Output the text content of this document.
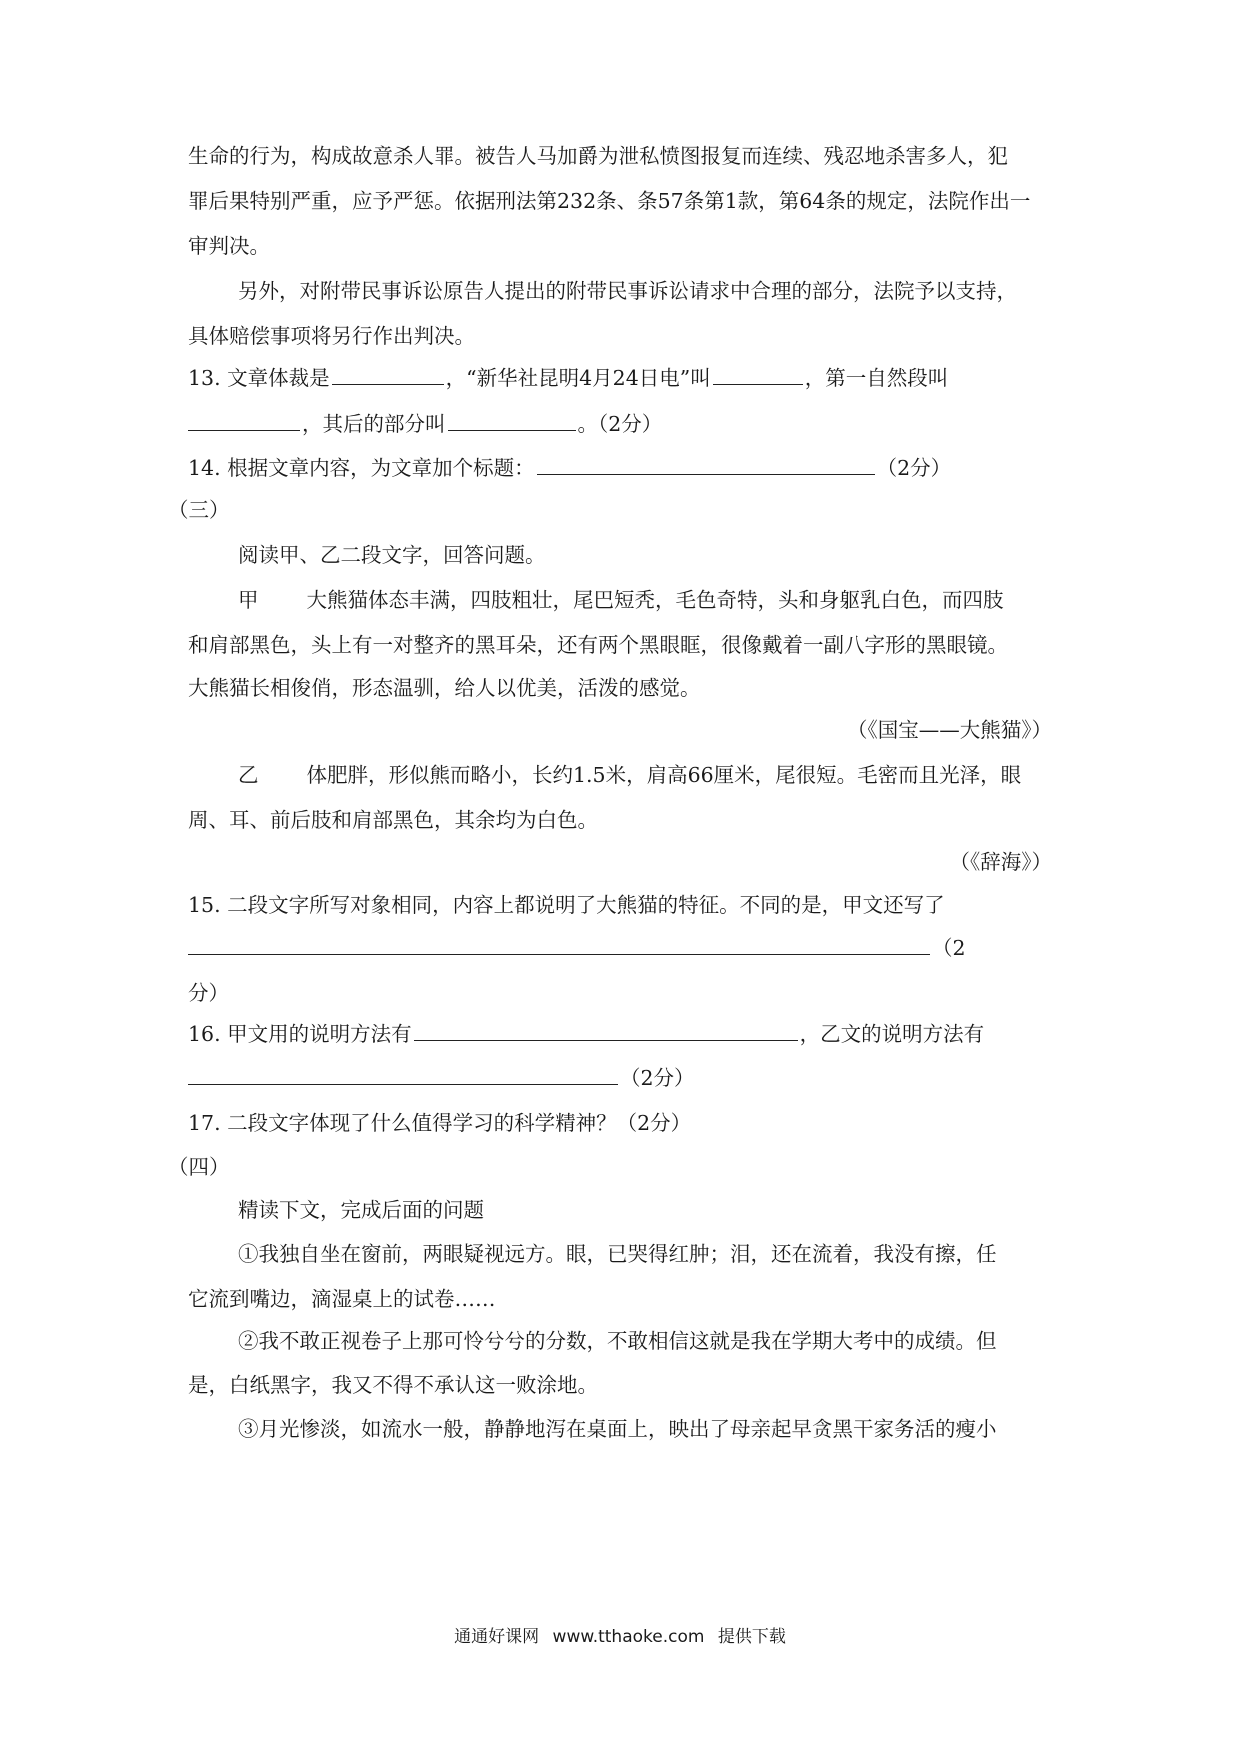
生命的行为，构成故意杀人罪。被告人马加爵为泄私愤图报复而连续、残忍地杀害多人，犯
罪后果特别严重，应予严惩。依据刑法第232条、条57条第1款，第64条的规定，法院作出一
审判决。
另外，对附带民事诉讼原告人提出的附带民事诉讼请求中合理的部分，法院予以支持，
具体赔偿事项将另行作出判决。
13. 文章体裁是	，“新华社昆明4月24日电”叫	，第一自然段叫
，其后的部分叫	。（2分）
14. 根据文章内容，为文章加个标题：	（2分）
（三）
阅读甲、乙二段文字，回答问题。
甲 大熊猫体态丰满，四肢粗壮，尾巴短秃，毛色奇特，头和身躯乳白色，而四肢
和肩部黑色，头上有一对整齐的黑耳朵，还有两个黑眼眶，很像戴着一副八字形的黑眼镜。
大熊猫长相俊俏，形态温驯，给人以优美，活泼的感觉。
（《国宝——大熊猫》）
乙 体肥胖，形似熊而略小，长约1.5米，肩高66厘米，尾很短。毛密而且光泽，眼
周、耳、前后肢和肩部黑色，其余均为白色。
（《辞海》）
15. 二段文字所写对象相同，内容上都说明了大熊猫的特征。不同的是，甲文还写了
（2
分）
16. 甲文用的说明方法有	，乙文的说明方法有
（2分）
17. 二段文字体现了什么值得学习的科学精神？（2分）
（四）
精读下文，完成后面的问题
①我独自坐在窗前，两眼疑视远方。眼，已哭得红肿；泪，还在流着，我没有擦，任
它流到嘴边，滴湿桌上的试卷……
②我不敢正视卷子上那可怜兮兮的分数，不敢相信这就是我在学期大考中的成绩。但
是，白纸黑字，我又不得不承认这一败涂地。
③月光惨淡，如流水一般，静静地泻在桌面上，映出了母亲起早贪黑干家务活的瘦小
通通好课网 www.tthaoke.com 提供下载
